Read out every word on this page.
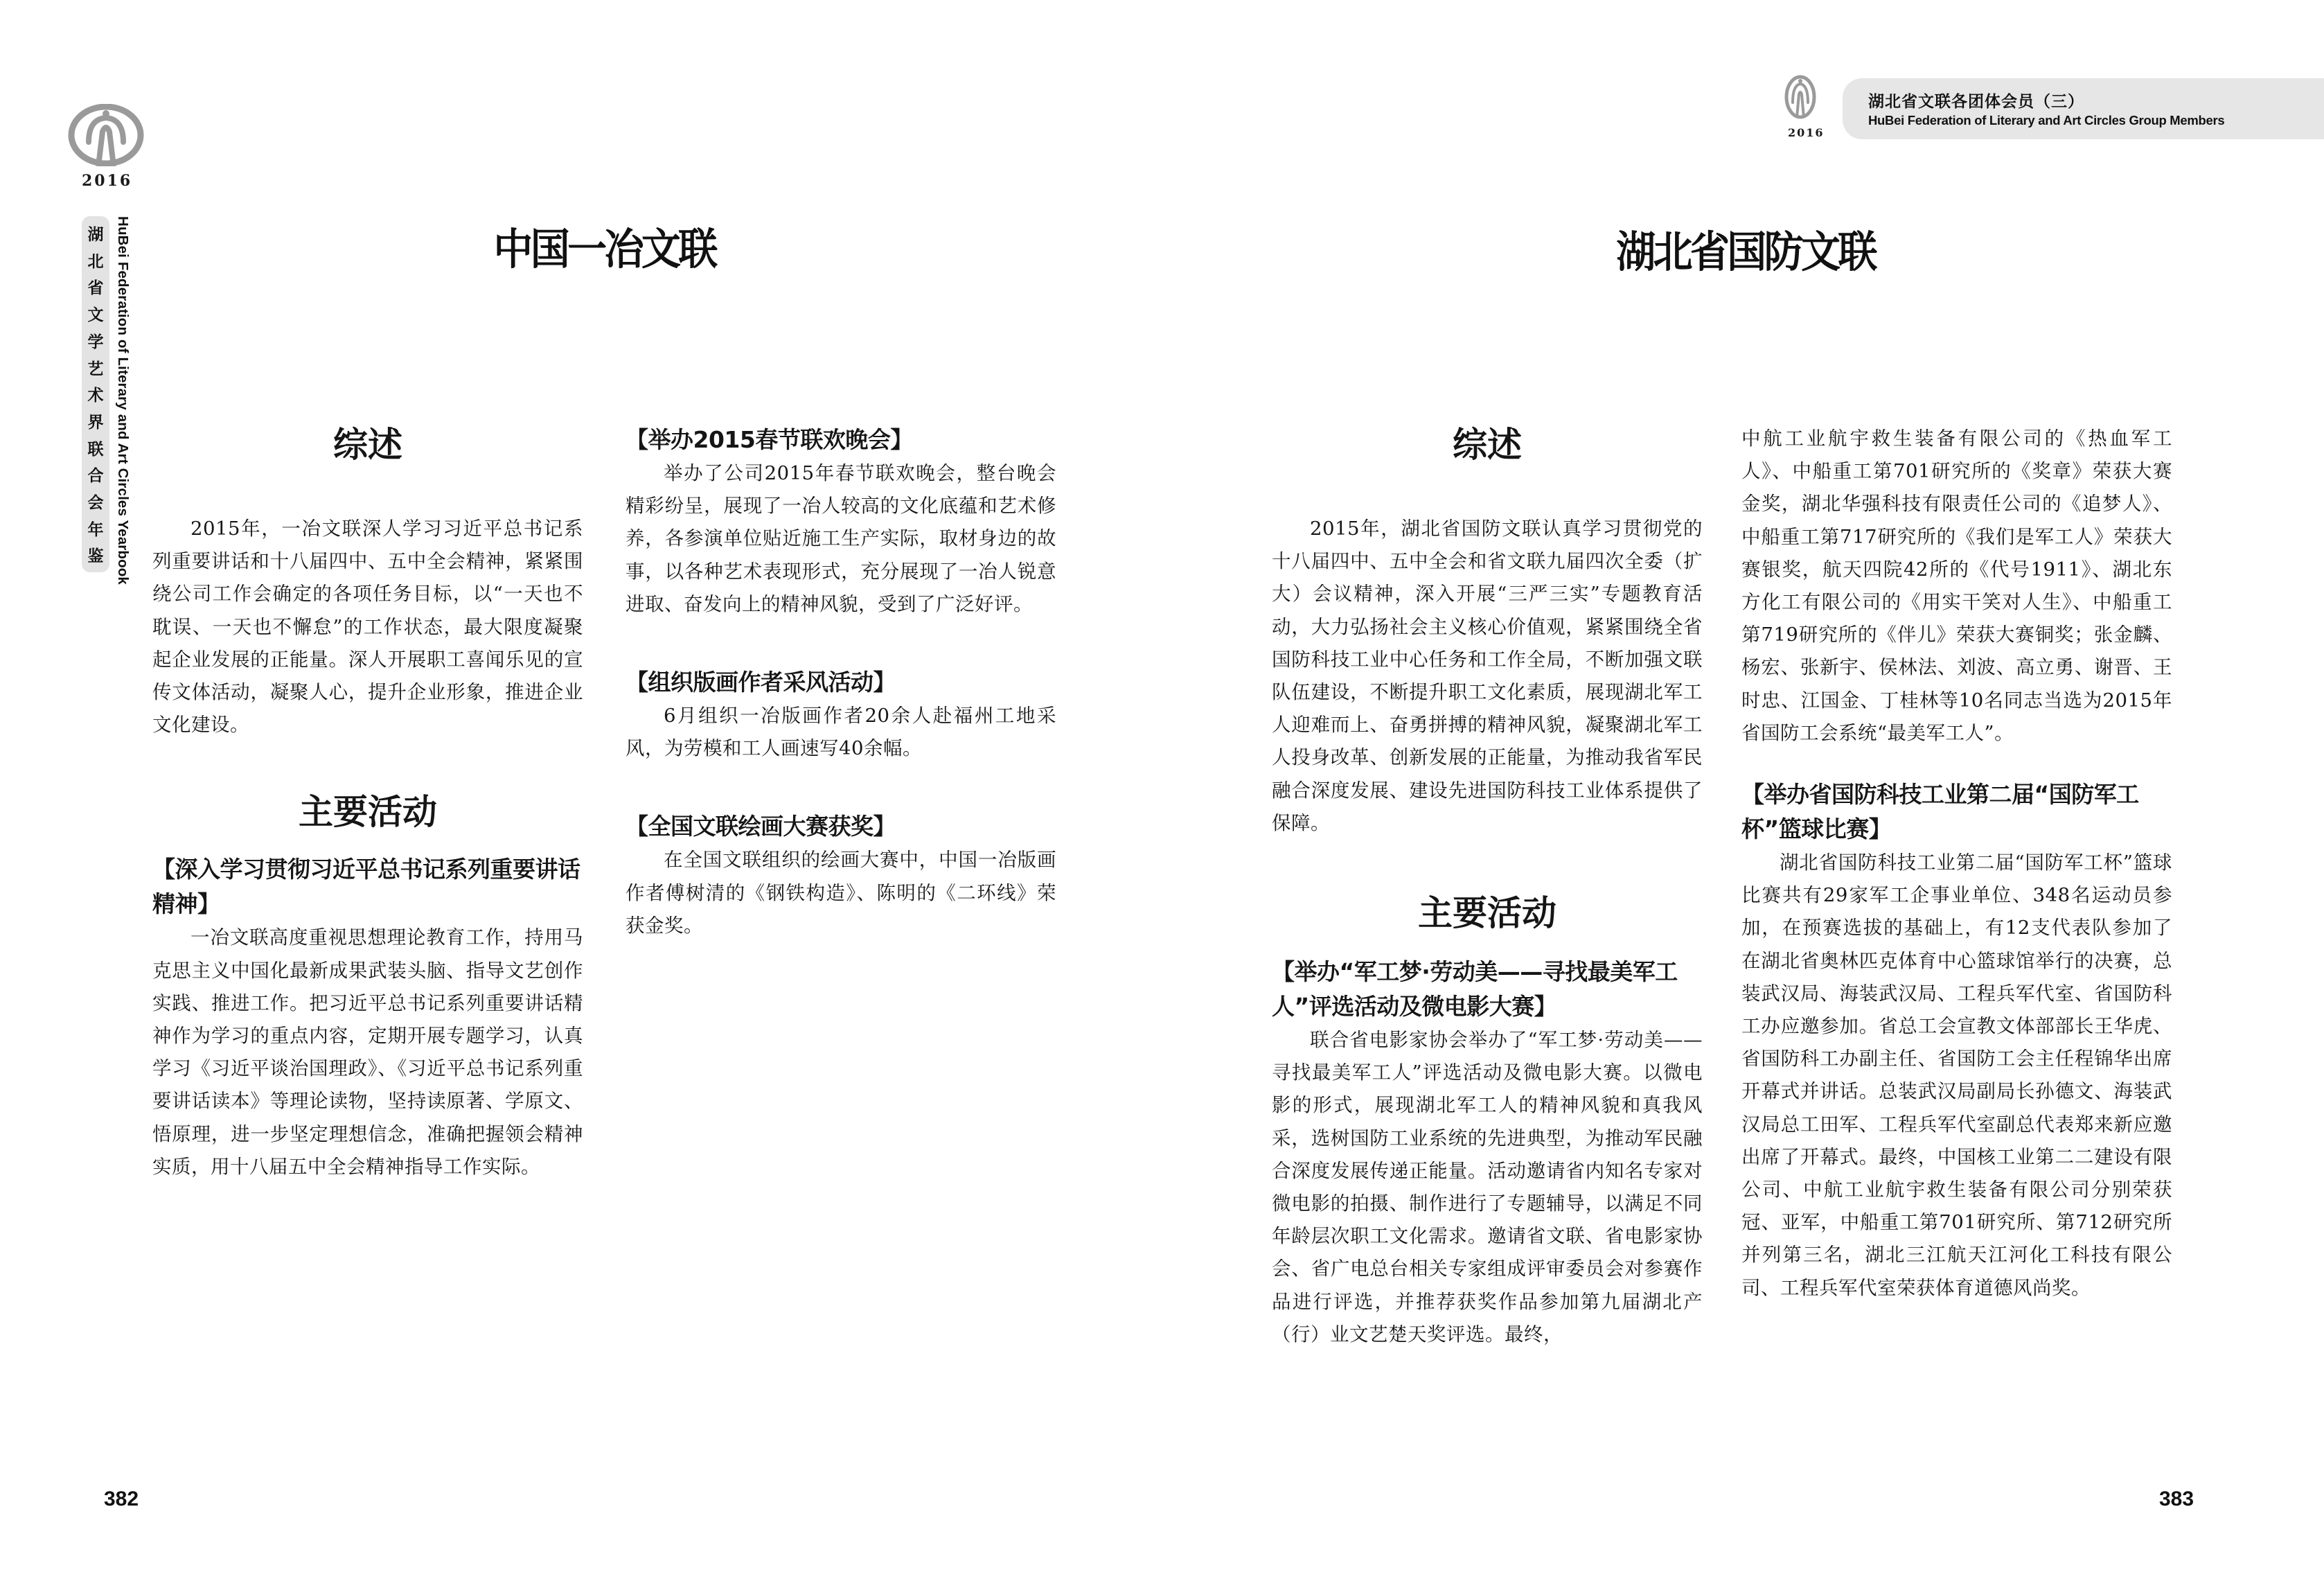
2016
湖
北
省
文
学
艺
术
界
联
合
会
年
鉴 HuBei Federation of Literary and Art Circles Yearbook
2016
湖北省文联各团体会员（三）
HuBei Federation of Literary and Art Circles Group Members
中国一冶文联	湖北省国防文联
综述

2015年，一冶文联深人学习习近平总书记系列重要讲话和十八届四中、五中全会精神，紧紧围绕公司工作会确定的各项任务目标，以“一天也不耽误、一天也不懈怠”的工作状态，最大限度凝聚起企业发展的正能量。深人开展职工喜闻乐见的宣传文体活动，凝聚人心，提升企业形象，推进企业文化建设。

主要活动
【深入学习贯彻习近平总书记系列重要讲话精神】

一冶文联高度重视思想理论教育工作，持用马克思主义中国化最新成果武装头脑、指导文艺创作实践、推进工作。把习近平总书记系列重要讲话精神作为学习的重点内容，定期开展专题学习，认真学习《习近平谈治国理政》、《习近平总书记系列重要讲话读本》等理论读物，坚持读原著、学原文、悟原理，进一步坚定理想信念，准确把握领会精神实质，用十八届五中全会精神指导工作实际。

【举办2015春节联欢晚会】

举办了公司2015年春节联欢晚会，整台晚会精彩纷呈，展现了一冶人较高的文化底蕴和艺术修养，各参演单位贴近施工生产实际，取材身边的故事，以各种艺术表现形式，充分展现了一冶人锐意进取、奋发向上的精神风貌，受到了广泛好评。

【组织版画作者采风活动】

6月组织一冶版画作者20余人赴福州工地采风，为劳模和工人画速写40余幅。

【全国文联绘画大赛获奖】

在全国文联组织的绘画大赛中，中国一冶版画作者傅树清的《钢铁构造》、陈明的《二环线》荣获金奖。

综述

2015年，湖北省国防文联认真学习贯彻党的十八届四中、五中全会和省文联九届四次全委（扩大）会议精神，深入开展“三严三实”专题教育活动，大力弘扬社会主义核心价值观，紧紧围绕全省国防科技工业中心任务和工作全局，不断加强文联队伍建设，不断提升职工文化素质，展现湖北军工人迎难而上、奋勇拼搏的精神风貌，凝聚湖北军工人投身改革、创新发展的正能量，为推动我省军民融合深度发展、建设先进国防科技工业体系提供了保障。

主要活动
【举办“军工梦·劳动美——寻找最美军工人”评选活动及微电影大赛】

联合省电影家协会举办了“军工梦·劳动美——寻找最美军工人”评选活动及微电影大赛。以微电影的形式，展现湖北军工人的精神风貌和真我风采，选树国防工业系统的先进典型，为推动军民融合深度发展传递正能量。活动邀请省内知名专家对微电影的拍摄、制作进行了专题辅导，以满足不同年龄层次职工文化需求。邀请省文联、省电影家协会、省广电总台相关专家组成评审委员会对参赛作品进行评选，并推荐获奖作品参加第九届湖北产（行）业文艺楚天奖评选。最终，

中航工业航宇救生装备有限公司的《热血军工人》、中船重工第701研究所的《奖章》荣获大赛金奖，湖北华强科技有限责任公司的《追梦人》、中船重工第717研究所的《我们是军工人》荣获大赛银奖，航天四院42所的《代号1911》、湖北东方化工有限公司的《用实干笑对人生》、中船重工第719研究所的《伴儿》荣获大赛铜奖；张金麟、杨宏、张新宇、侯林法、刘波、高立勇、谢晋、王时忠、江国金、丁桂林等10名同志当选为2015年省国防工会系统“最美军工人”。

【举办省国防科技工业第二届“国防军工杯”篮球比赛】

湖北省国防科技工业第二届“国防军工杯”篮球比赛共有29家军工企事业单位、348名运动员参加，在预赛选拔的基础上，有12支代表队参加了在湖北省奥林匹克体育中心篮球馆举行的决赛，总装武汉局、海装武汉局、工程兵军代室、省国防科工办应邀参加。省总工会宣教文体部部长王华虎、省国防科工办副主任、省国防工会主任程锦华出席开幕式并讲话。总装武汉局副局长孙德文、海装武汉局总工田军、工程兵军代室副总代表郑来新应邀出席了开幕式。最终，中国核工业第二二建设有限公司、中航工业航宇救生装备有限公司分别荣获冠、亚军，中船重工第701研究所、第712研究所并列第三名，湖北三江航天江河化工科技有限公司、工程兵军代室荣获体育道德风尚奖。

382	383
